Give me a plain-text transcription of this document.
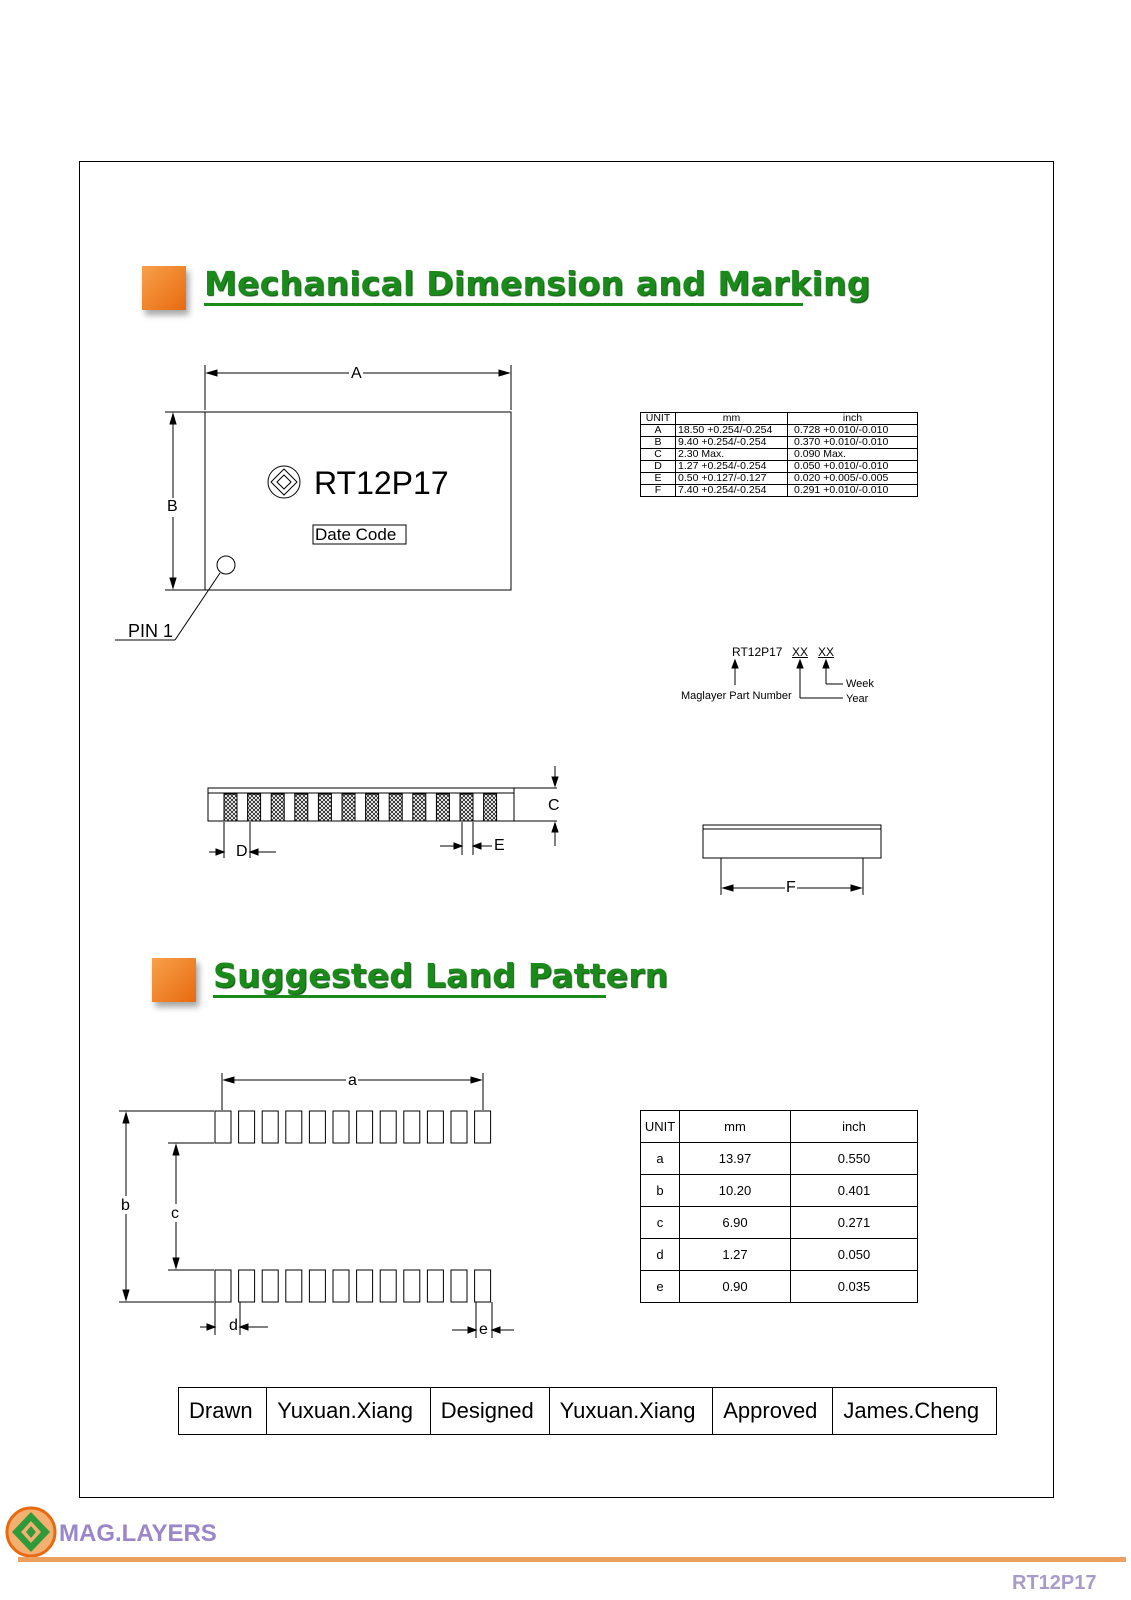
Mechanical Dimension and Marking
A
B
RT12P17
Date Code
PIN 1
C
D	E
F
UNIT	mm	inch
A	18.50 +0.254/-0.254	0.728 +0.010/-0.010
B	9.40 +0.254/-0.254	0.370 +0.010/-0.010
C	2.30 Max.	0.090 Max.
D	1.27 +0.254/-0.254	0.050 +0.010/-0.010
E	0.50 +0.127/-0.127	0.020 +0.005/-0.005
F	7.40 +0.254/-0.254	0.291 +0.010/-0.010
RT12P17 XX XX
Week
Year
Maglayer Part Number
Suggested Land Pattern
a
b	c
d	e
UNIT	mm	inch
a	13.97	0.550
b	10.20	0.401
c	6.90	0.271
d	1.27	0.050
e	0.90	0.035
Drawn	Yuxuan.Xiang	Designed	Yuxuan.Xiang	Approved	James.Cheng
MAG.LAYERS
RT12P17
